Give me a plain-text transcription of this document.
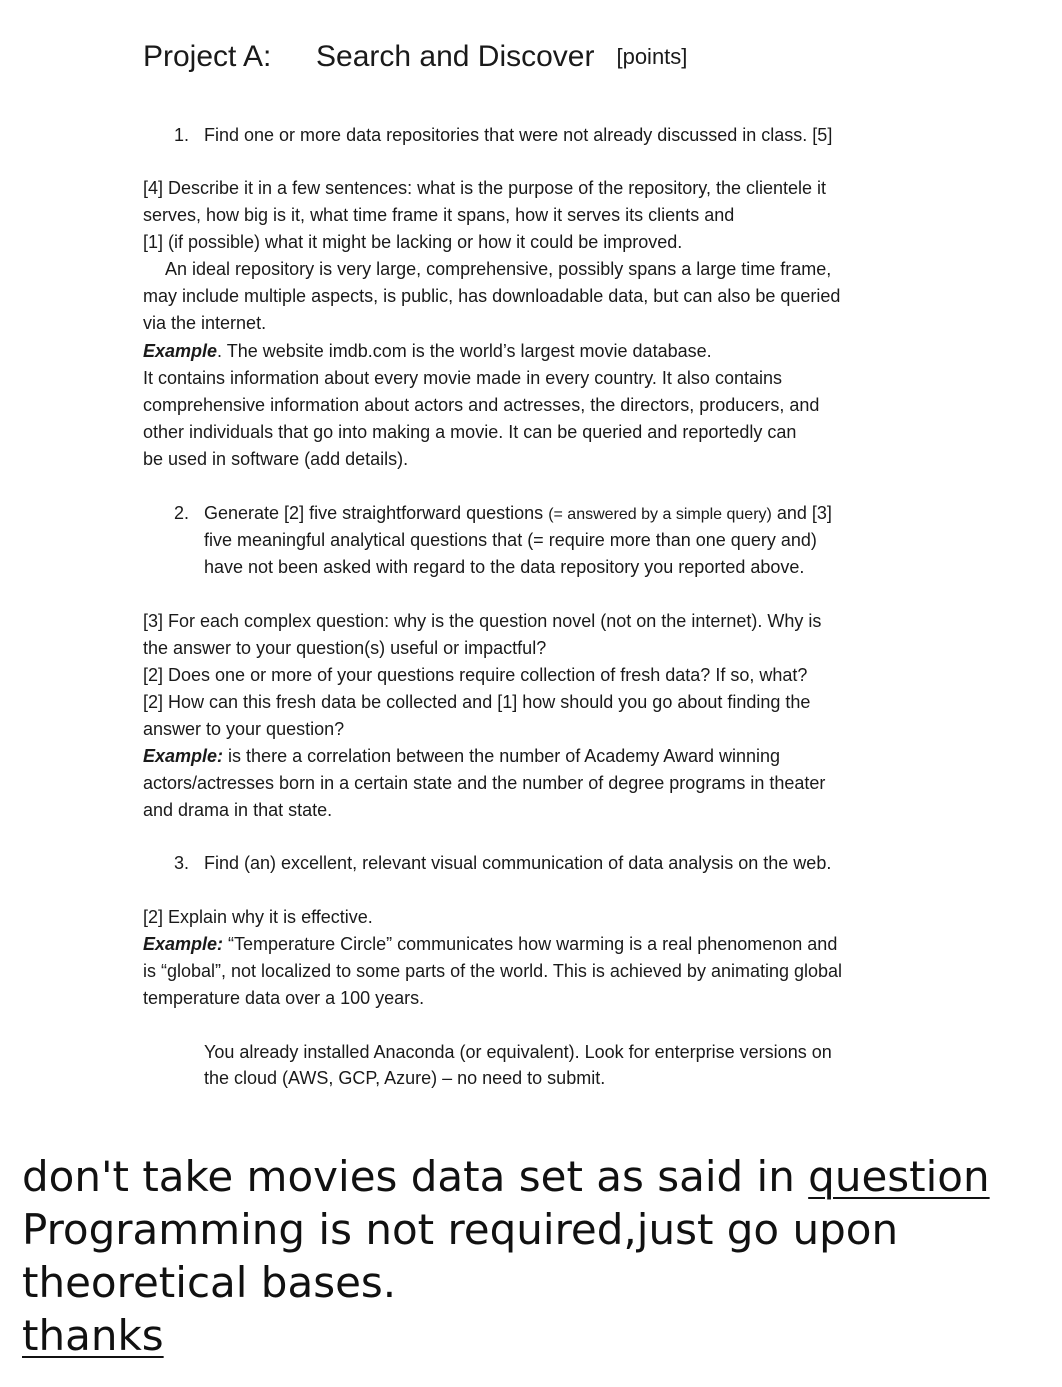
Project A: Search and Discover [points]
1. Find one or more data repositories that were not already discussed in class. [5]
[4] Describe it in a few sentences: what is the purpose of the repository, the clientele it
serves, how big is it, what time frame it spans, how it serves its clients and
[1] (if possible) what it might be lacking or how it could be improved.
An ideal repository is very large, comprehensive, possibly spans a large time frame,
may include multiple aspects, is public, has downloadable data, but can also be queried
via the internet.
Example. The website imdb.com is the world’s largest movie database.
It contains information about every movie made in every country. It also contains
comprehensive information about actors and actresses, the directors, producers, and
other individuals that go into making a movie. It can be queried and reportedly can
be used in software (add details).
2. Generate [2] five straightforward questions (= answered by a simple query) and [3]
five meaningful analytical questions that (= require more than one query and)
have not been asked with regard to the data repository you reported above.
[3] For each complex question: why is the question novel (not on the internet). Why is
the answer to your question(s) useful or impactful?
[2] Does one or more of your questions require collection of fresh data? If so, what?
[2] How can this fresh data be collected and [1] how should you go about finding the
answer to your question?
Example: is there a correlation between the number of Academy Award winning
actors/actresses born in a certain state and the number of degree programs in theater
and drama in that state.
3. Find (an) excellent, relevant visual communication of data analysis on the web.
[2] Explain why it is effective.
Example: “Temperature Circle” communicates how warming is a real phenomenon and
is “global”, not localized to some parts of the world. This is achieved by animating global
temperature data over a 100 years.
You already installed Anaconda (or equivalent). Look for enterprise versions on
the cloud (AWS, GCP, Azure) – no need to submit.
don't take movies data set as said in question
Programming is not required,just go upon
theoretical bases.
thanks
